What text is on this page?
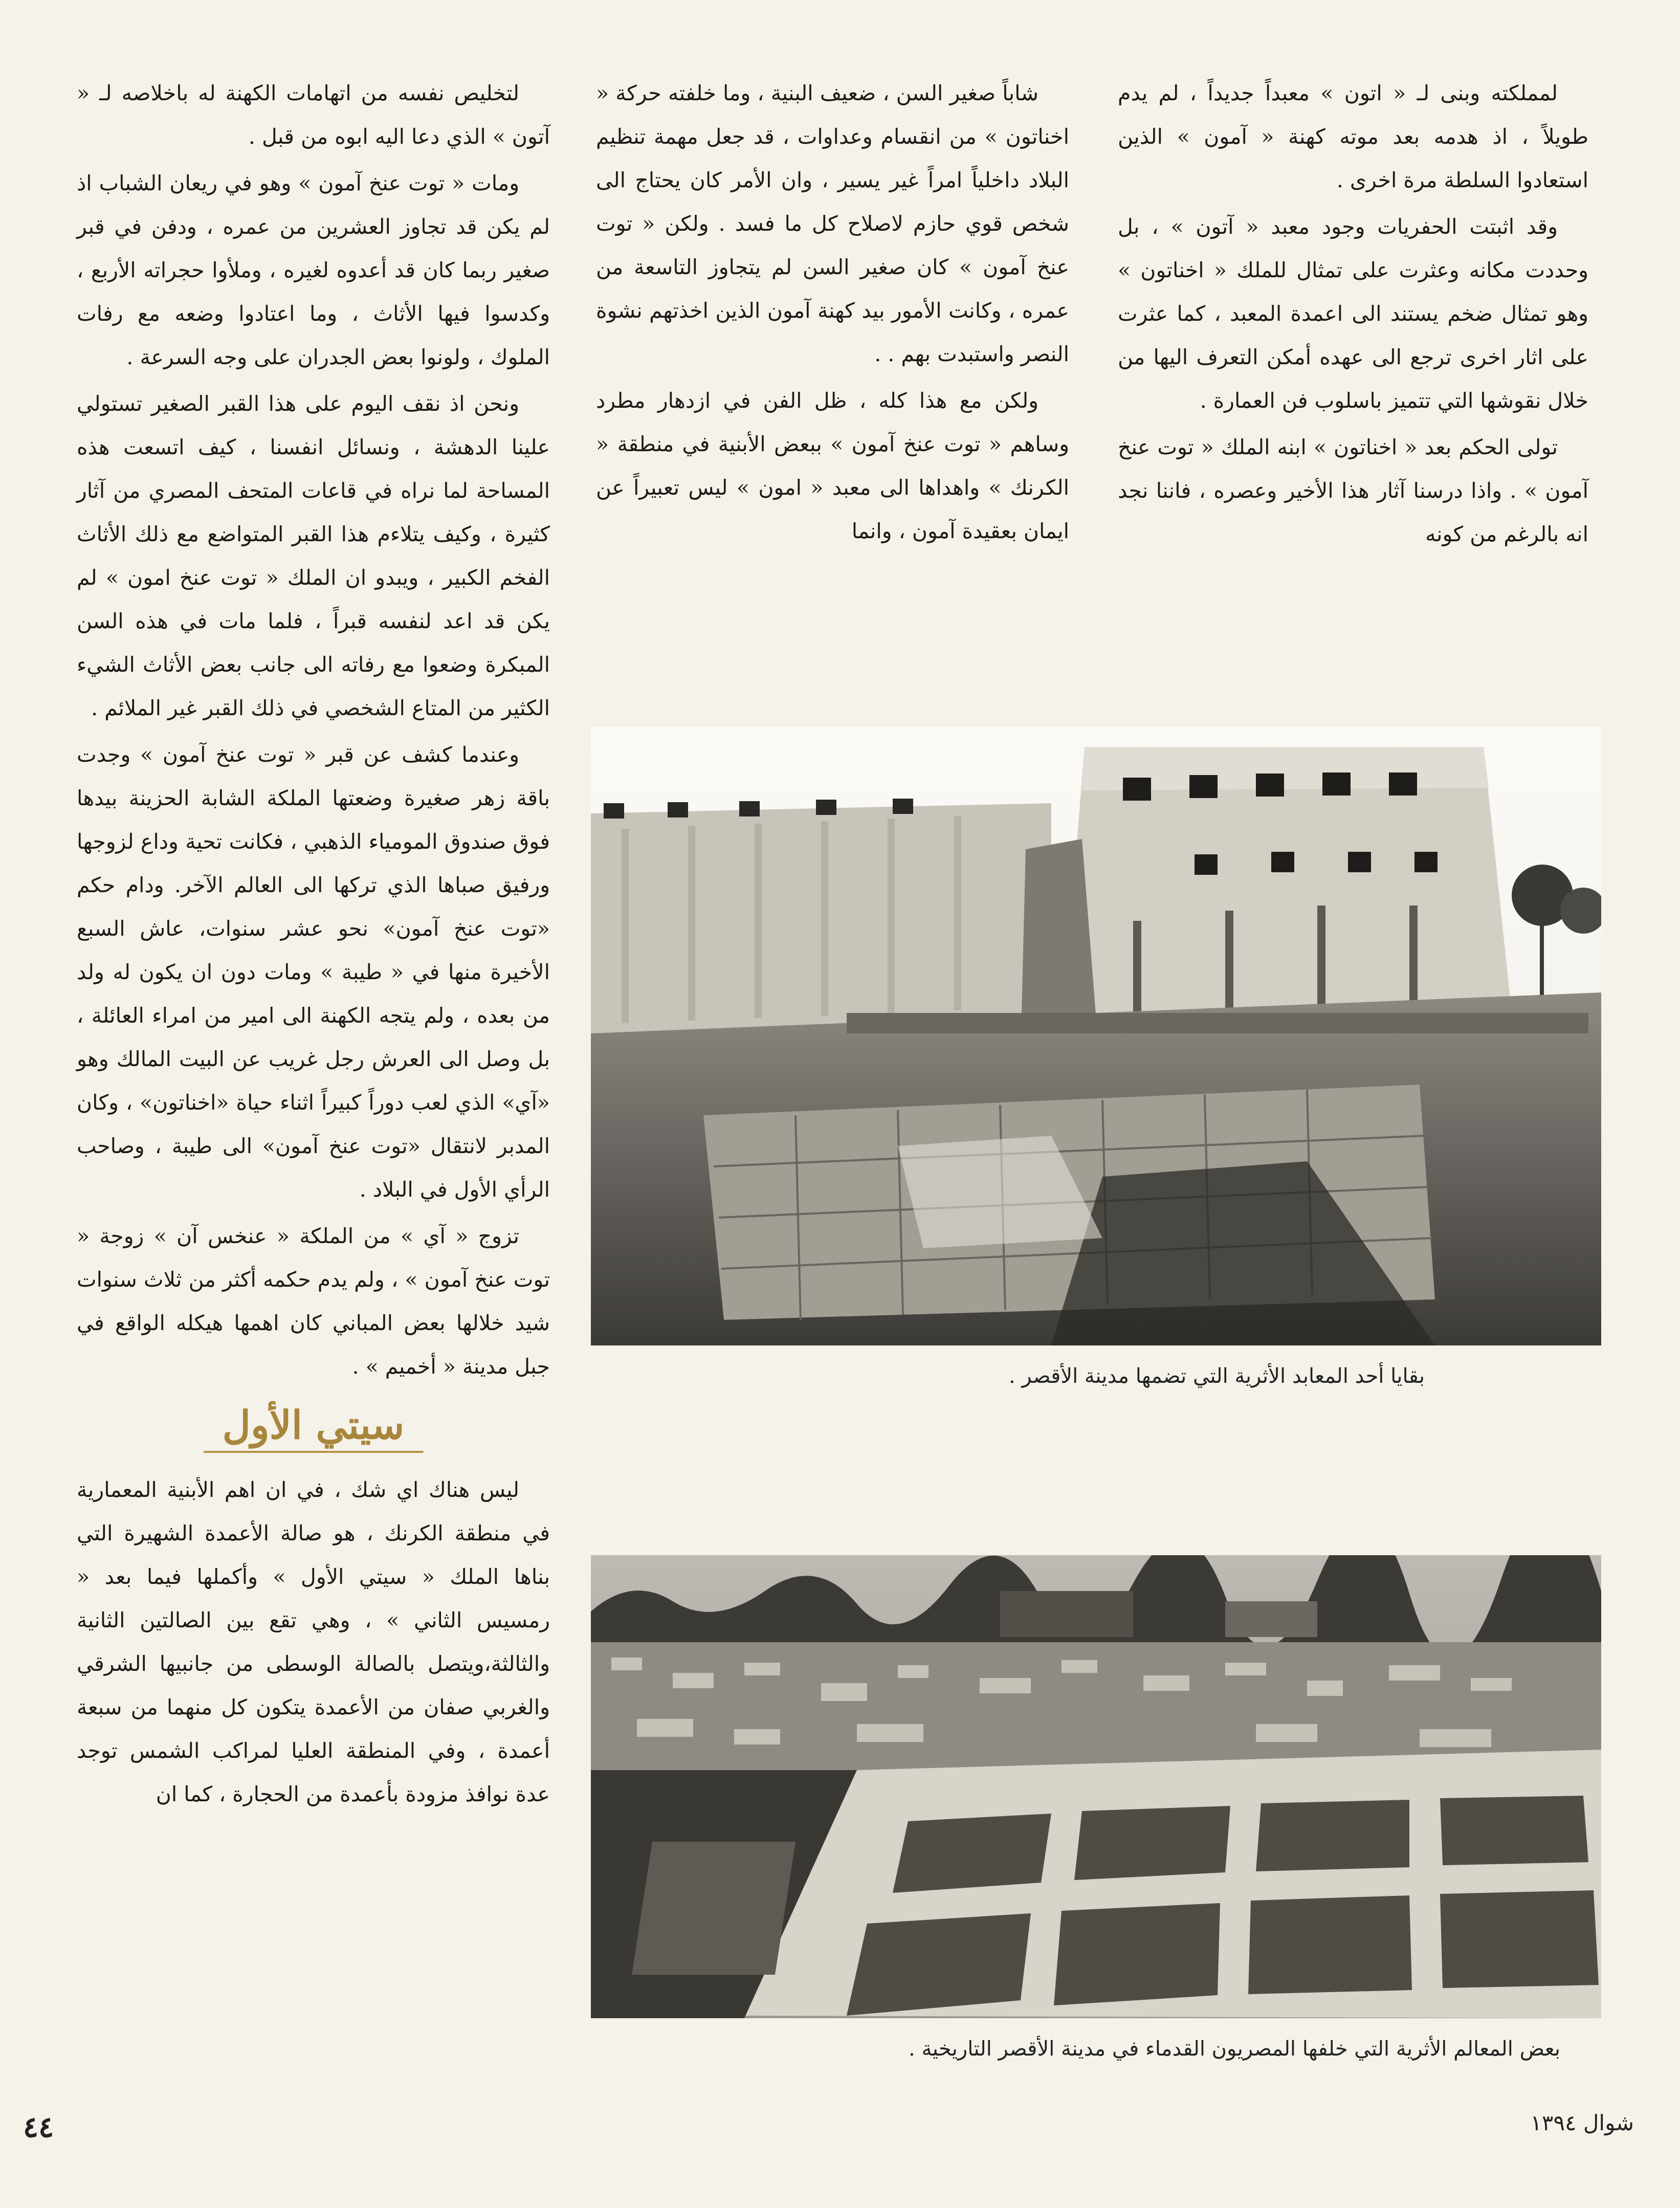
لمملكته وبنى لـ « اتون » معبداً جديداً ، لم يدم طويلاً ، اذ هدمه بعد موته كهنة « آمون » الذين استعادوا السلطة مرة اخرى .

وقد اثبتت الحفريات وجود معبد « آتون » ، بل وحددت مكانه وعثرت على تمثال للملك « اخناتون » وهو تمثال ضخم يستند الى اعمدة المعبد ، كما عثرت على اثار اخرى ترجع الى عهده أمكن التعرف اليها من خلال نقوشها التي تتميز باسلوب فن العمارة .

تولى الحكم بعد « اخناتون » ابنه الملك « توت عنخ آمون » . واذا درسنا آثار هذا الأخير وعصره ، فاننا نجد انه بالرغم من كونه

شاباً صغير السن ، ضعيف البنية ، وما خلفته حركة « اخناتون » من انقسام وعداوات ، قد جعل مهمة تنظيم البلاد داخلياً امراً غير يسير ، وان الأمر كان يحتاج الى شخص قوي حازم لاصلاح كل ما فسد . ولكن « توت عنخ آمون » كان صغير السن لم يتجاوز التاسعة من عمره ، وكانت الأمور بيد كهنة آمون الذين اخذتهم نشوة النصر واستبدت بهم . .

ولكن مع هذا كله ، ظل الفن في ازدهار مطرد وساهم « توت عنخ آمون » ببعض الأبنية في منطقة « الكرنك » واهداها الى معبد « امون » ليس تعبيراً عن ايمان بعقيدة آمون ، وانما

لتخليص نفسه من اتهامات الكهنة له باخلاصه لـ « آتون » الذي دعا اليه ابوه من قبل .

ومات « توت عنخ آمون » وهو في ريعان الشباب اذ لم يكن قد تجاوز العشرين من عمره ، ودفن في قبر صغير ربما كان قد أعدوه لغيره ، وملأوا حجراته الأربع ، وكدسوا فيها الأثاث ، وما اعتادوا وضعه مع رفات الملوك ، ولونوا بعض الجدران على وجه السرعة .

ونحن اذ نقف اليوم على هذا القبر الصغير تستولي علينا الدهشة ، ونسائل انفسنا ، كيف اتسعت هذه المساحة لما نراه في قاعات المتحف المصري من آثار كثيرة ، وكيف يتلاءم هذا القبر المتواضع مع ذلك الأثاث الفخم الكبير ، ويبدو ان الملك « توت عنخ امون » لم يكن قد اعد لنفسه قبراً ، فلما مات في هذه السن المبكرة وضعوا مع رفاته الى جانب بعض الأثاث الشيء الكثير من المتاع الشخصي في ذلك القبر غير الملائم .

وعندما كشف عن قبر « توت عنخ آمون » وجدت باقة زهر صغيرة وضعتها الملكة الشابة الحزينة بيدها فوق صندوق المومياء الذهبي ، فكانت تحية وداع لزوجها ورفيق صباها الذي تركها الى العالم الآخر. ودام حكم «توت عنخ آمون» نحو عشر سنوات، عاش السبع الأخيرة منها في « طيبة » ومات دون ان يكون له ولد من بعده ، ولم يتجه الكهنة الى امير من امراء العائلة ، بل وصل الى العرش رجل غريب عن البيت المالك وهو «آي» الذي لعب دوراً كبيراً اثناء حياة «اخناتون» ، وكان المدبر لانتقال «توت عنخ آمون» الى طيبة ، وصاحب الرأي الأول في البلاد .

تزوج « آي » من الملكة « عنخس آن » زوجة « توت عنخ آمون » ، ولم يدم حكمه أكثر من ثلاث سنوات شيد خلالها بعض المباني كان اهمها هيكله الواقع في جبل مدينة « أخميم » .

سيتي الأول

ليس هناك اي شك ، في ان اهم الأبنية المعمارية في منطقة الكرنك ، هو صالة الأعمدة الشهيرة التي بناها الملك « سيتي الأول » وأكملها فيما بعد « رمسيس الثاني » ، وهي تقع بين الصالتين الثانية والثالثة،ويتصل بالصالة الوسطى من جانبيها الشرقي والغربي صفان من الأعمدة يتكون كل منهما من سبعة أعمدة ، وفي المنطقة العليا لمراكب الشمس توجد عدة نوافذ مزودة بأعمدة من الحجارة ، كما ان

بقايا أحد المعابد الأثرية التي تضمها مدينة الأقصر .
بعض المعالم الأثرية التي خلفها المصريون القدماء في مدينة الأقصر التاريخية .
٤٤	شوال ١٣٩٤
